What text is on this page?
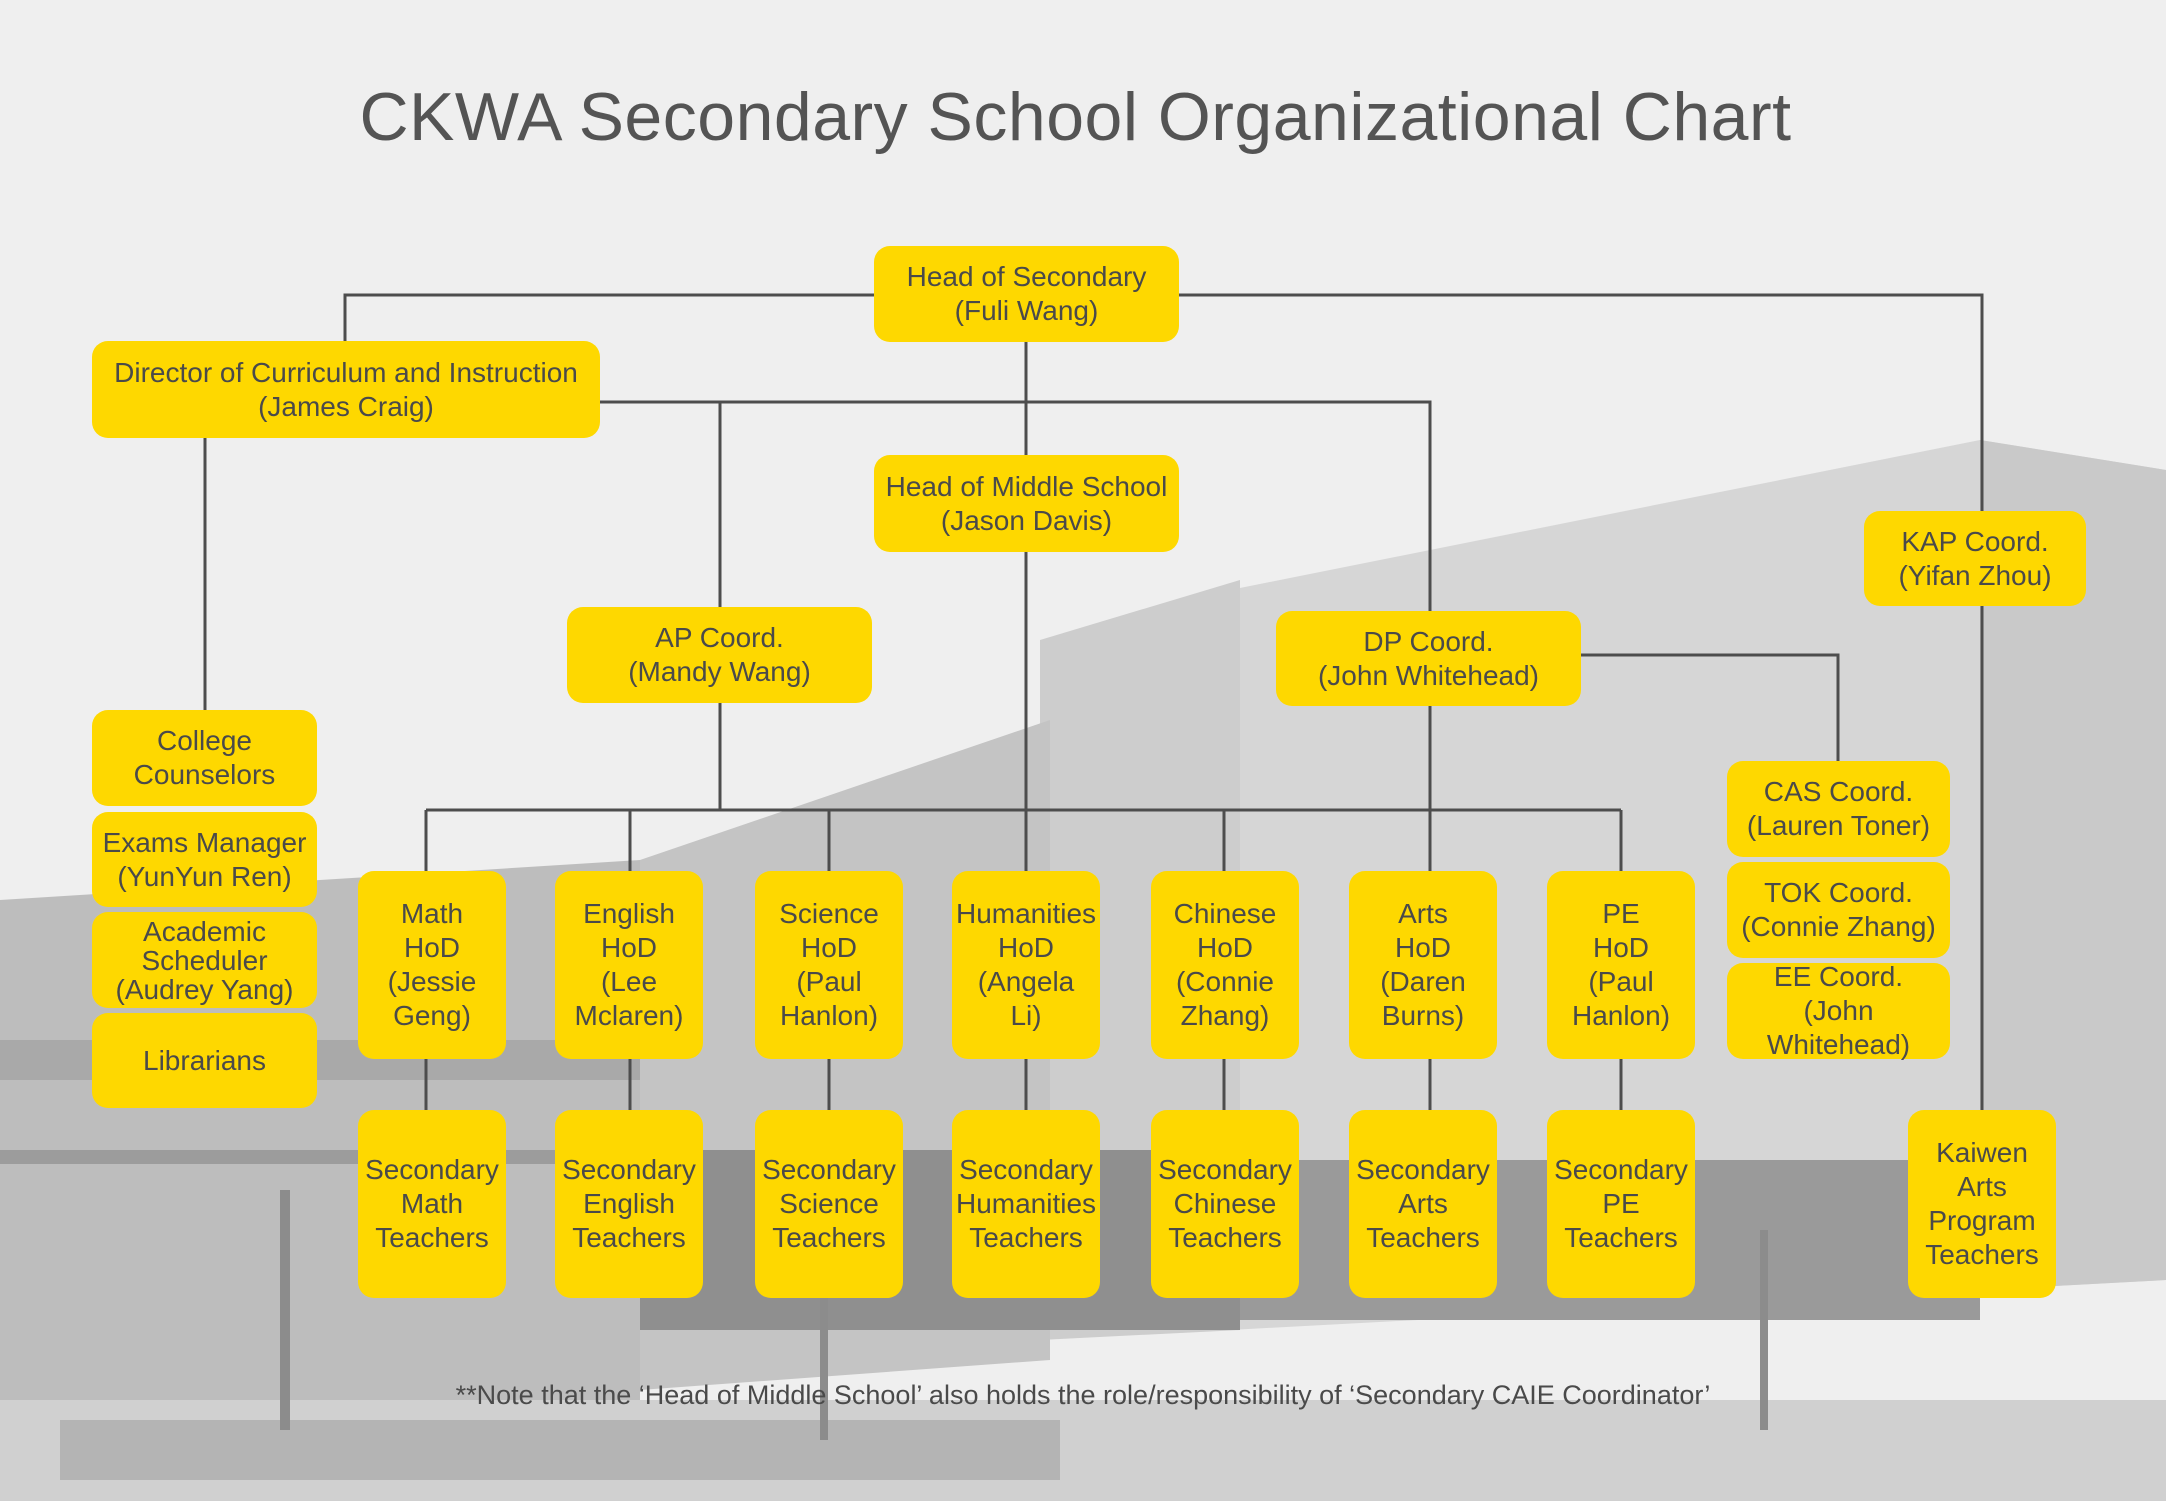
CKWA Secondary School Organizational Chart
Head of Secondary
(Fuli Wang)
Director of Curriculum and Instruction
(James Craig)
Head of Middle School
(Jason Davis)
KAP Coord.
(Yifan Zhou)
AP Coord.
(Mandy Wang)
DP Coord.
(John Whitehead)
College
Counselors
Exams Manager
(YunYun Ren)
Academic
Scheduler
(Audrey Yang)
Librarians
CAS Coord.
(Lauren Toner)
TOK Coord.
(Connie Zhang)
EE Coord.
(John Whitehead)
Math
HoD
(Jessie
Geng)
English
HoD
(Lee
Mclaren)
Science
HoD
(Paul
Hanlon)
Humanities
HoD
(Angela
Li)
Chinese
HoD
(Connie
Zhang)
Arts
HoD
(Daren
Burns)
PE
HoD
(Paul
Hanlon)
Secondary
Math
Teachers
Secondary
English
Teachers
Secondary
Science
Teachers
Secondary
Humanities
Teachers
Secondary
Chinese
Teachers
Secondary
Arts
Teachers
Secondary
PE
Teachers
Kaiwen
Arts
Program
Teachers
**Note that the ‘Head of Middle School’ also holds the role/responsibility of ‘Secondary CAIE Coordinator’
